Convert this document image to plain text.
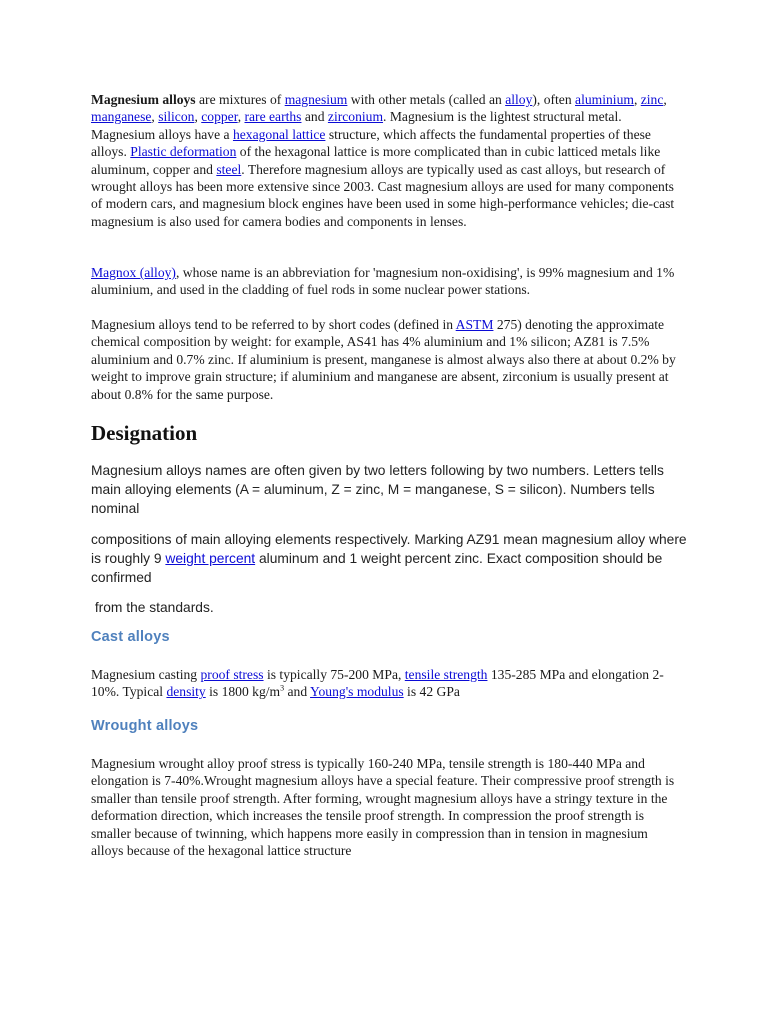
Magnesium alloys are mixtures of magnesium with other metals (called an alloy), often aluminium, zinc, manganese, silicon, copper, rare earths and zirconium. Magnesium is the lightest structural metal. Magnesium alloys have a hexagonal lattice structure, which affects the fundamental properties of these alloys. Plastic deformation of the hexagonal lattice is more complicated than in cubic latticed metals like aluminum, copper and steel. Therefore magnesium alloys are typically used as cast alloys, but research of wrought alloys has been more extensive since 2003. Cast magnesium alloys are used for many components of modern cars, and magnesium block engines have been used in some high-performance vehicles; die-cast magnesium is also used for camera bodies and components in lenses.

Magnox (alloy), whose name is an abbreviation for 'magnesium non-oxidising', is 99% magnesium and 1% aluminium, and used in the cladding of fuel rods in some nuclear power stations.

Magnesium alloys tend to be referred to by short codes (defined in ASTM 275) denoting the approximate chemical composition by weight: for example, AS41 has 4% aluminium and 1% silicon; AZ81 is 7.5% aluminium and 0.7% zinc. If aluminium is present, manganese is almost always also there at about 0.2% by weight to improve grain structure; if aluminium and manganese are absent, zirconium is usually present at about 0.8% for the same purpose.

Designation

Magnesium alloys names are often given by two letters following by two numbers. Letters tells main alloying elements (A = aluminum, Z = zinc, M = manganese, S = silicon). Numbers tells nominal

compositions of main alloying elements respectively. Marking AZ91 mean magnesium alloy where is roughly 9 weight percent aluminum and 1 weight percent zinc. Exact composition should be confirmed

from the standards.

Cast alloys

Magnesium casting proof stress is typically 75-200 MPa, tensile strength 135-285 MPa and elongation 2-10%. Typical density is 1800 $kg/m^3$ and Young's modulus is 42 GPa

Wrought alloys

Magnesium wrought alloy proof stress is typically 160-240 MPa, tensile strength is 180-440 MPa and elongation is 7-40%.Wrought magnesium alloys have a special feature. Their compressive proof strength is smaller than tensile proof strength. After forming, wrought magnesium alloys have a stringy texture in the deformation direction, which increases the tensile proof strength. In compression the proof strength is smaller because of twinning, which happens more easily in compression than in tension in magnesium alloys because of the hexagonal lattice structure
